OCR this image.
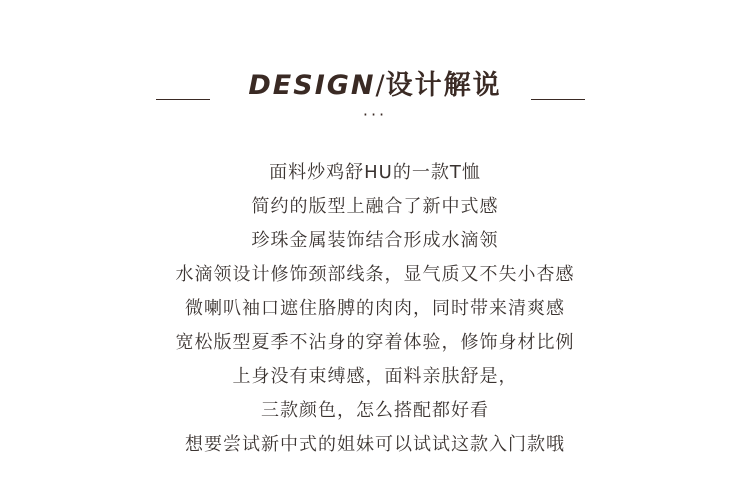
DESIGN/设计解说
···
面料炒鸡舒HU的一款T恤
简约的版型上融合了新中式感
珍珠金属装饰结合形成水滴领
水滴领设计修饰颈部线条，显气质又不失小杏感
微喇叭袖口遮住胳膊的肉肉，同时带来清爽感
宽松版型夏季不沾身的穿着体验，修饰身材比例
上身没有束缚感，面料亲肤舒是，
三款颜色，怎么搭配都好看
想要尝试新中式的姐妹可以试试这款入门款哦
